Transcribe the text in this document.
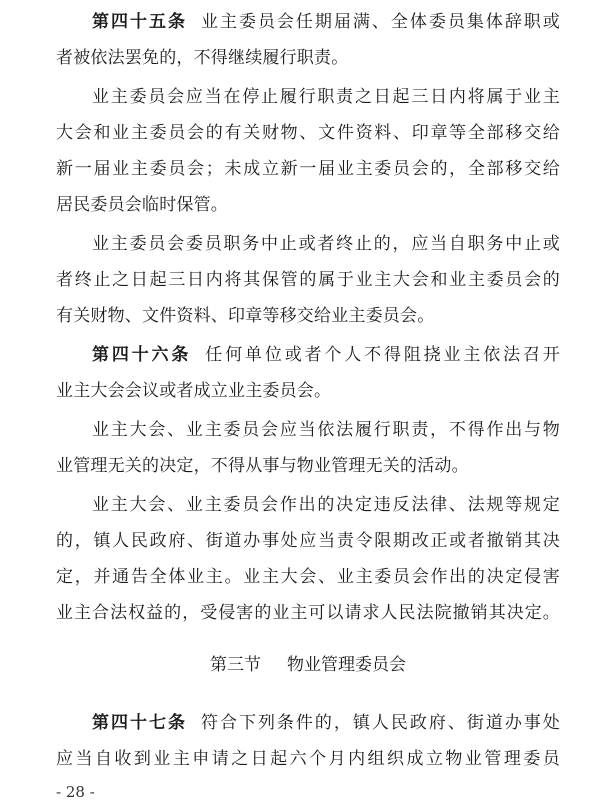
第四十五条 业主委员会任期届满、全体委员集体辞职或
者被依法罢免的，不得继续履行职责。
业主委员会应当在停止履行职责之日起三日内将属于业主
大会和业主委员会的有关财物、文件资料、印章等全部移交给
新一届业主委员会；未成立新一届业主委员会的，全部移交给
居民委员会临时保管。
业主委员会委员职务中止或者终止的，应当自职务中止或
者终止之日起三日内将其保管的属于业主大会和业主委员会的
有关财物、文件资料、印章等移交给业主委员会。
第四十六条 任何单位或者个人不得阻挠业主依法召开
业主大会会议或者成立业主委员会。
业主大会、业主委员会应当依法履行职责，不得作出与物
业管理无关的决定，不得从事与物业管理无关的活动。
业主大会、业主委员会作出的决定违反法律、法规等规定
的，镇人民政府、街道办事处应当责令限期改正或者撤销其决
定，并通告全体业主。业主大会、业主委员会作出的决定侵害
业主合法权益的，受侵害的业主可以请求人民法院撤销其决定。
第三节 物业管理委员会
第四十七条 符合下列条件的，镇人民政府、街道办事处
应当自收到业主申请之日起六个月内组织成立物业管理委员
- 28 -
